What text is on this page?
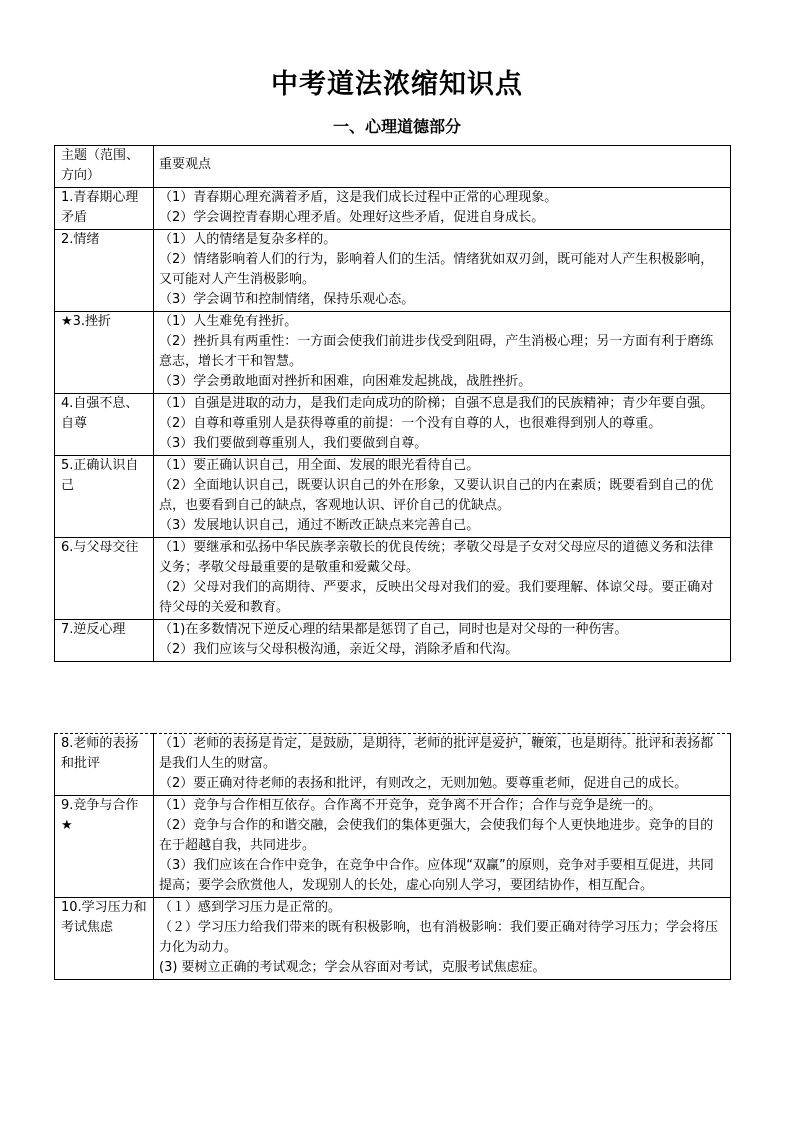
中考道法浓缩知识点
一、心理道德部分
主题（范围、方向）	重要观点
1.青春期心理矛盾	（1）青春期心理充满着矛盾，这是我们成长过程中正常的心理现象。
（2）学会调控青春期心理矛盾。处理好这些矛盾，促进自身成长。

2.情绪	（1）人的情绪是复杂多样的。
（2）情绪影响着人们的行为，影响着人们的生活。情绪犹如双刃剑，既可能对人产生积极影响，又可能对人产生消极影响。
（3）学会调节和控制情绪，保持乐观心态。

★3.挫折	（1）人生难免有挫折。
（2）挫折具有两重性：一方面会使我们前进步伐受到阻碍，产生消极心理；另一方面有利于磨练意志，增长才干和智慧。
（3）学会勇敢地面对挫折和困难，向困难发起挑战，战胜挫折。

4.自强不息、自尊	（1）自强是进取的动力，是我们走向成功的阶梯；自强不息是我们的民族精神；青少年要自强。
（2）自尊和尊重别人是获得尊重的前提：一个没有自尊的人，也很难得到别人的尊重。
（3）我们要做到尊重别人，我们要做到自尊。

5.正确认识自己	（1）要正确认识自己，用全面、发展的眼光看待自己。
（2）全面地认识自己，既要认识自己的外在形象，又要认识自己的内在素质；既要看到自己的优点，也要看到自己的缺点，客观地认识、评价自己的优缺点。
（3）发展地认识自己，通过不断改正缺点来完善自己。

6.与父母交往	（1）要继承和弘扬中华民族孝亲敬长的优良传统；孝敬父母是子女对父母应尽的道德义务和法律义务；孝敬父母最重要的是敬重和爱戴父母。
（2）父母对我们的高期待、严要求，反映出父母对我们的爱。我们要理解、体谅父母。要正确对待父母的关爱和教育。

7.逆反心理	（1)在多数情况下逆反心理的结果都是惩罚了自己，同时也是对父母的一种伤害。
（2）我们应该与父母积极沟通，亲近父母，消除矛盾和代沟。
8.老师的表扬和批评	（1）老师的表扬是肯定，是鼓励，是期待，老师的批评是爱护，鞭策，也是期待。批评和表扬都是我们人生的财富。
（2）要正确对待老师的表扬和批评，有则改之，无则加勉。要尊重老师，促进自己的成长。

9.竞争与合作　★	（1）竞争与合作相互依存。合作离不开竞争，竞争离不开合作；合作与竞争是统一的。
（2）竞争与合作的和谐交融，会使我们的集体更强大，会使我们每个人更快地进步。竞争的目的在于超越自我，共同进步。
（3）我们应该在合作中竞争，在竞争中合作。应体现“双赢”的原则，竞争对手要相互促进，共同提高；要学会欣赏他人，发现别人的长处，虚心向别人学习，要团结协作，相互配合。

10.学习压力和考试焦虑	（１）感到学习压力是正常的。
（２）学习压力给我们带来的既有积极影响，也有消极影响：我们要正确对待学习压力；学会将压力化为动力。
(3) 要树立正确的考试观念；学会从容面对考试，克服考试焦虑症。
